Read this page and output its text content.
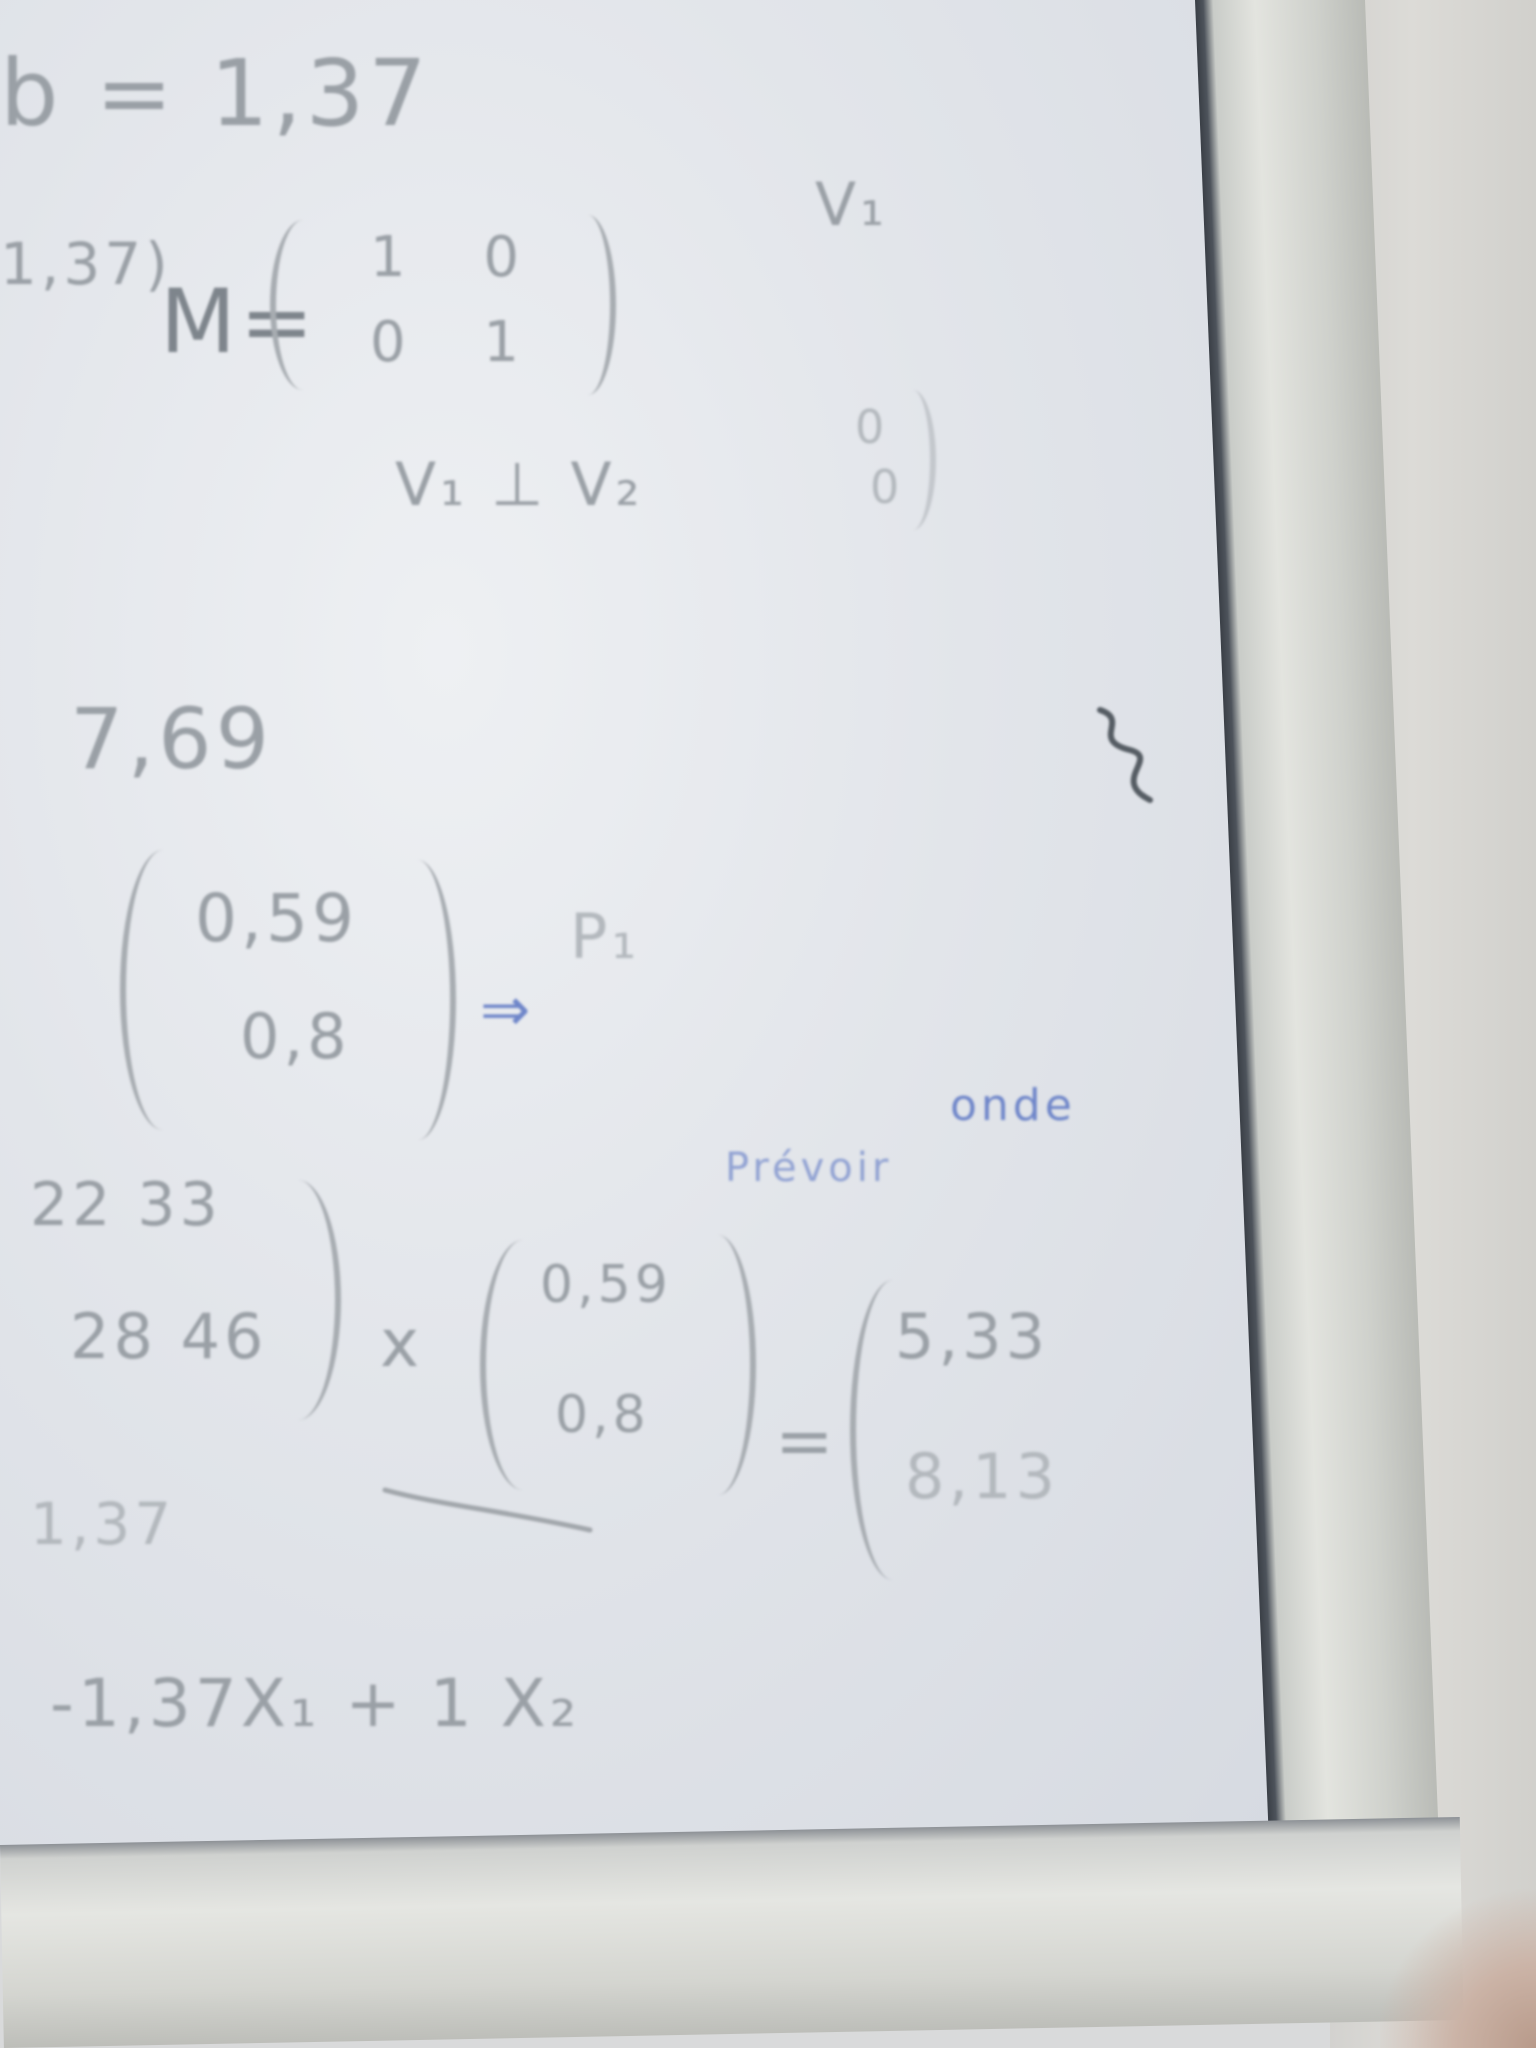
b = 1,37
1,37)
M=
1 0
0 1
V₁
V₁ ⊥ V₂
0
0
7,69
0,59
0,8 ⇒
P₁
onde
Prévoir
22 33
28 46 x
0,59
0,8 =
5,33
8,13
1,37
-1,37X₁ + 1 X₂
